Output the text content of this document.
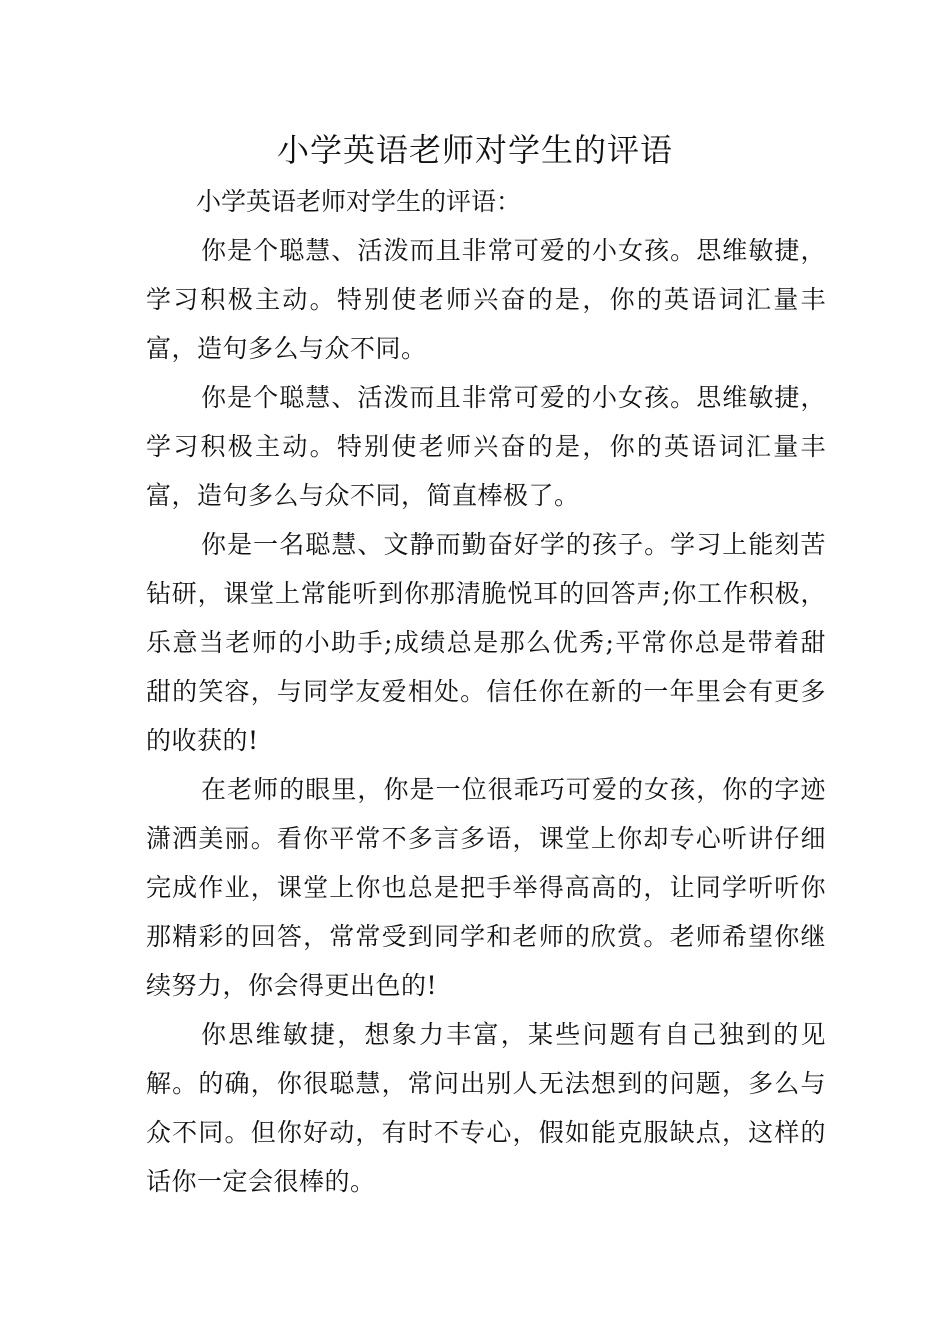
小学英语老师对学生的评语

小学英语老师对学生的评语：

你是个聪慧、活泼而且非常可爱的小女孩。思维敏捷，学习积极主动。特别使老师兴奋的是，你的英语词汇量丰富，造句多么与众不同。

你是个聪慧、活泼而且非常可爱的小女孩。思维敏捷，学习积极主动。特别使老师兴奋的是，你的英语词汇量丰富，造句多么与众不同，简直棒极了。

你是一名聪慧、文静而勤奋好学的孩子。学习上能刻苦钻研，课堂上常能听到你那清脆悦耳的回答声;你工作积极，乐意当老师的小助手;成绩总是那么优秀;平常你总是带着甜甜的笑容，与同学友爱相处。信任你在新的一年里会有更多的收获的!

在老师的眼里，你是一位很乖巧可爱的女孩，你的字迹潇洒美丽。看你平常不多言多语，课堂上你却专心听讲仔细完成作业，课堂上你也总是把手举得高高的，让同学听听你那精彩的回答，常常受到同学和老师的欣赏。老师希望你继续努力，你会得更出色的!

你思维敏捷，想象力丰富，某些问题有自己独到的见解。的确，你很聪慧，常问出别人无法想到的问题，多么与众不同。但你好动，有时不专心，假如能克服缺点，这样的话你一定会很棒的。
